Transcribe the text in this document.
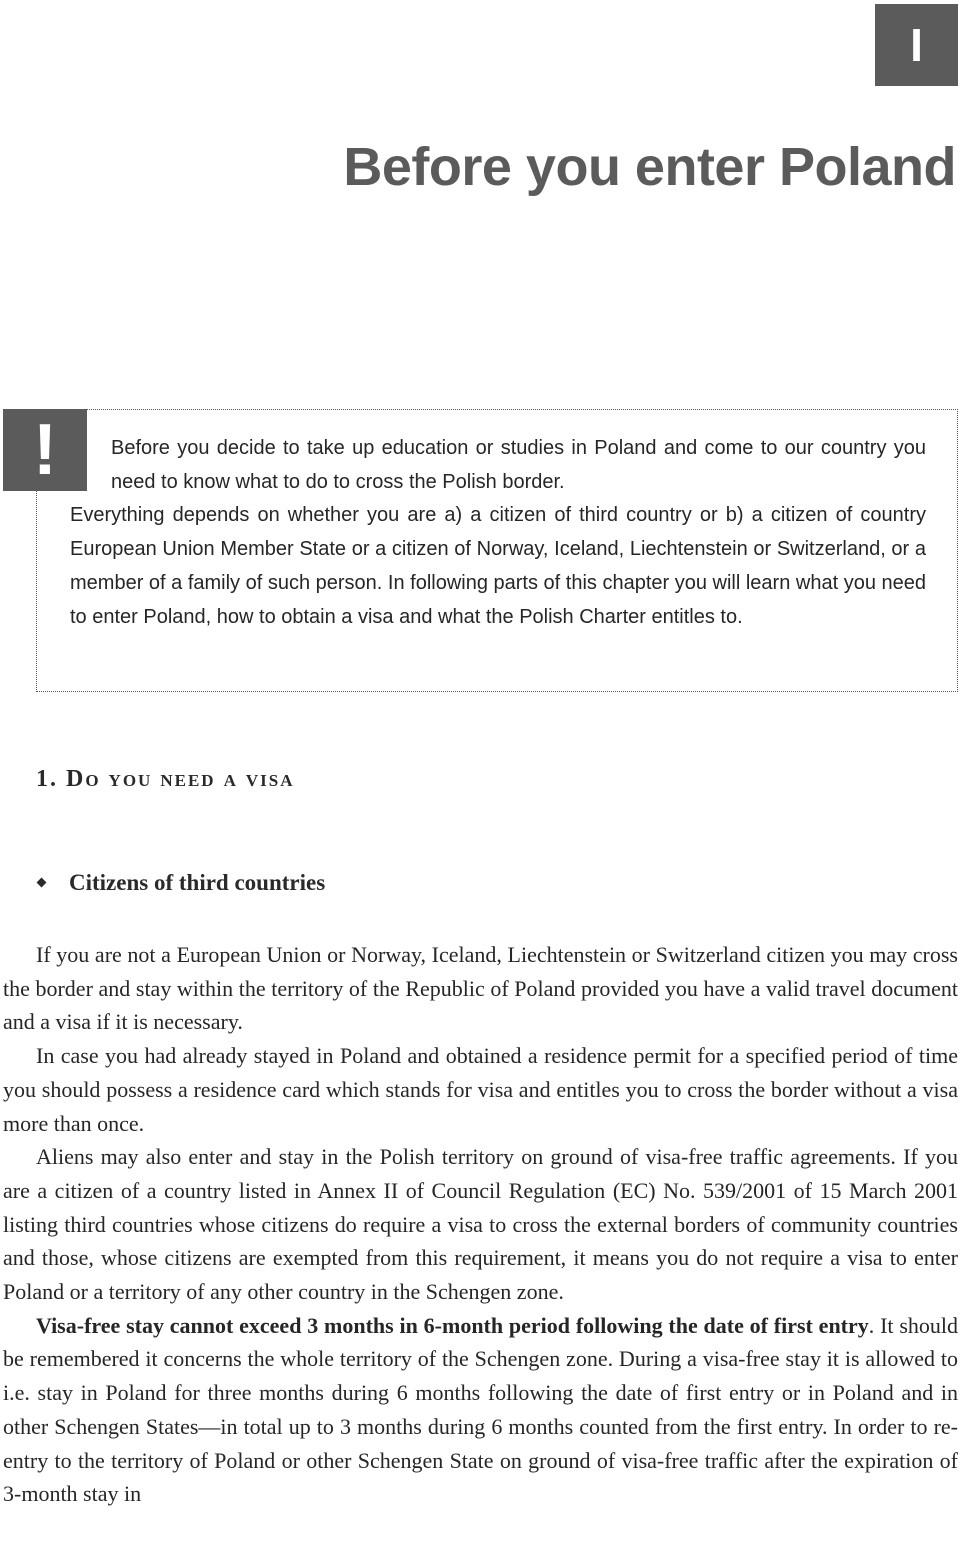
I
Before you enter Poland
!	Before you decide to take up education or studies in Poland and come to our country you need to know what to do to cross the Polish border.
Everything depends on whether you are a) a citizen of third country or b) a citizen of country European Union Member State or a citizen of Norway, Iceland, Liechtenstein or Switzerland, or a member of a family of such person. In following parts of this chapter you will learn what you need to enter Poland, how to obtain a visa and what the Polish Charter entitles to.

1. Do you need a visa
Citizens of third countries

If you are not a European Union or Norway, Iceland, Liechtenstein or Switzerland citizen you may cross the border and stay within the territory of the Republic of Poland provided you have a valid travel document and a visa if it is necessary.

In case you had already stayed in Poland and obtained a residence permit for a specified period of time you should possess a residence card which stands for visa and entitles you to cross the border without a visa more than once.

Aliens may also enter and stay in the Polish territory on ground of visa-free traffic agreements. If you are a citizen of a country listed in Annex II of Council Regulation (EC) No. 539/2001 of 15 March 2001 listing third countries whose citizens do require a visa to cross the external borders of community countries and those, whose citizens are exempted from this requirement, it means you do not require a visa to enter Poland or a territory of any other country in the Schengen zone.

Visa-free stay cannot exceed 3 months in 6-month period following the date of first entry. It should be remembered it concerns the whole territory of the Schengen zone. During a visa-free stay it is allowed to i.e. stay in Poland for three months during 6 months following the date of first entry or in Poland and in other Schengen States—in total up to 3 months during 6 months counted from the first entry. In order to re-entry to the territory of Poland or other Schengen State on ground of visa-free traffic after the expiration of 3-month stay in
